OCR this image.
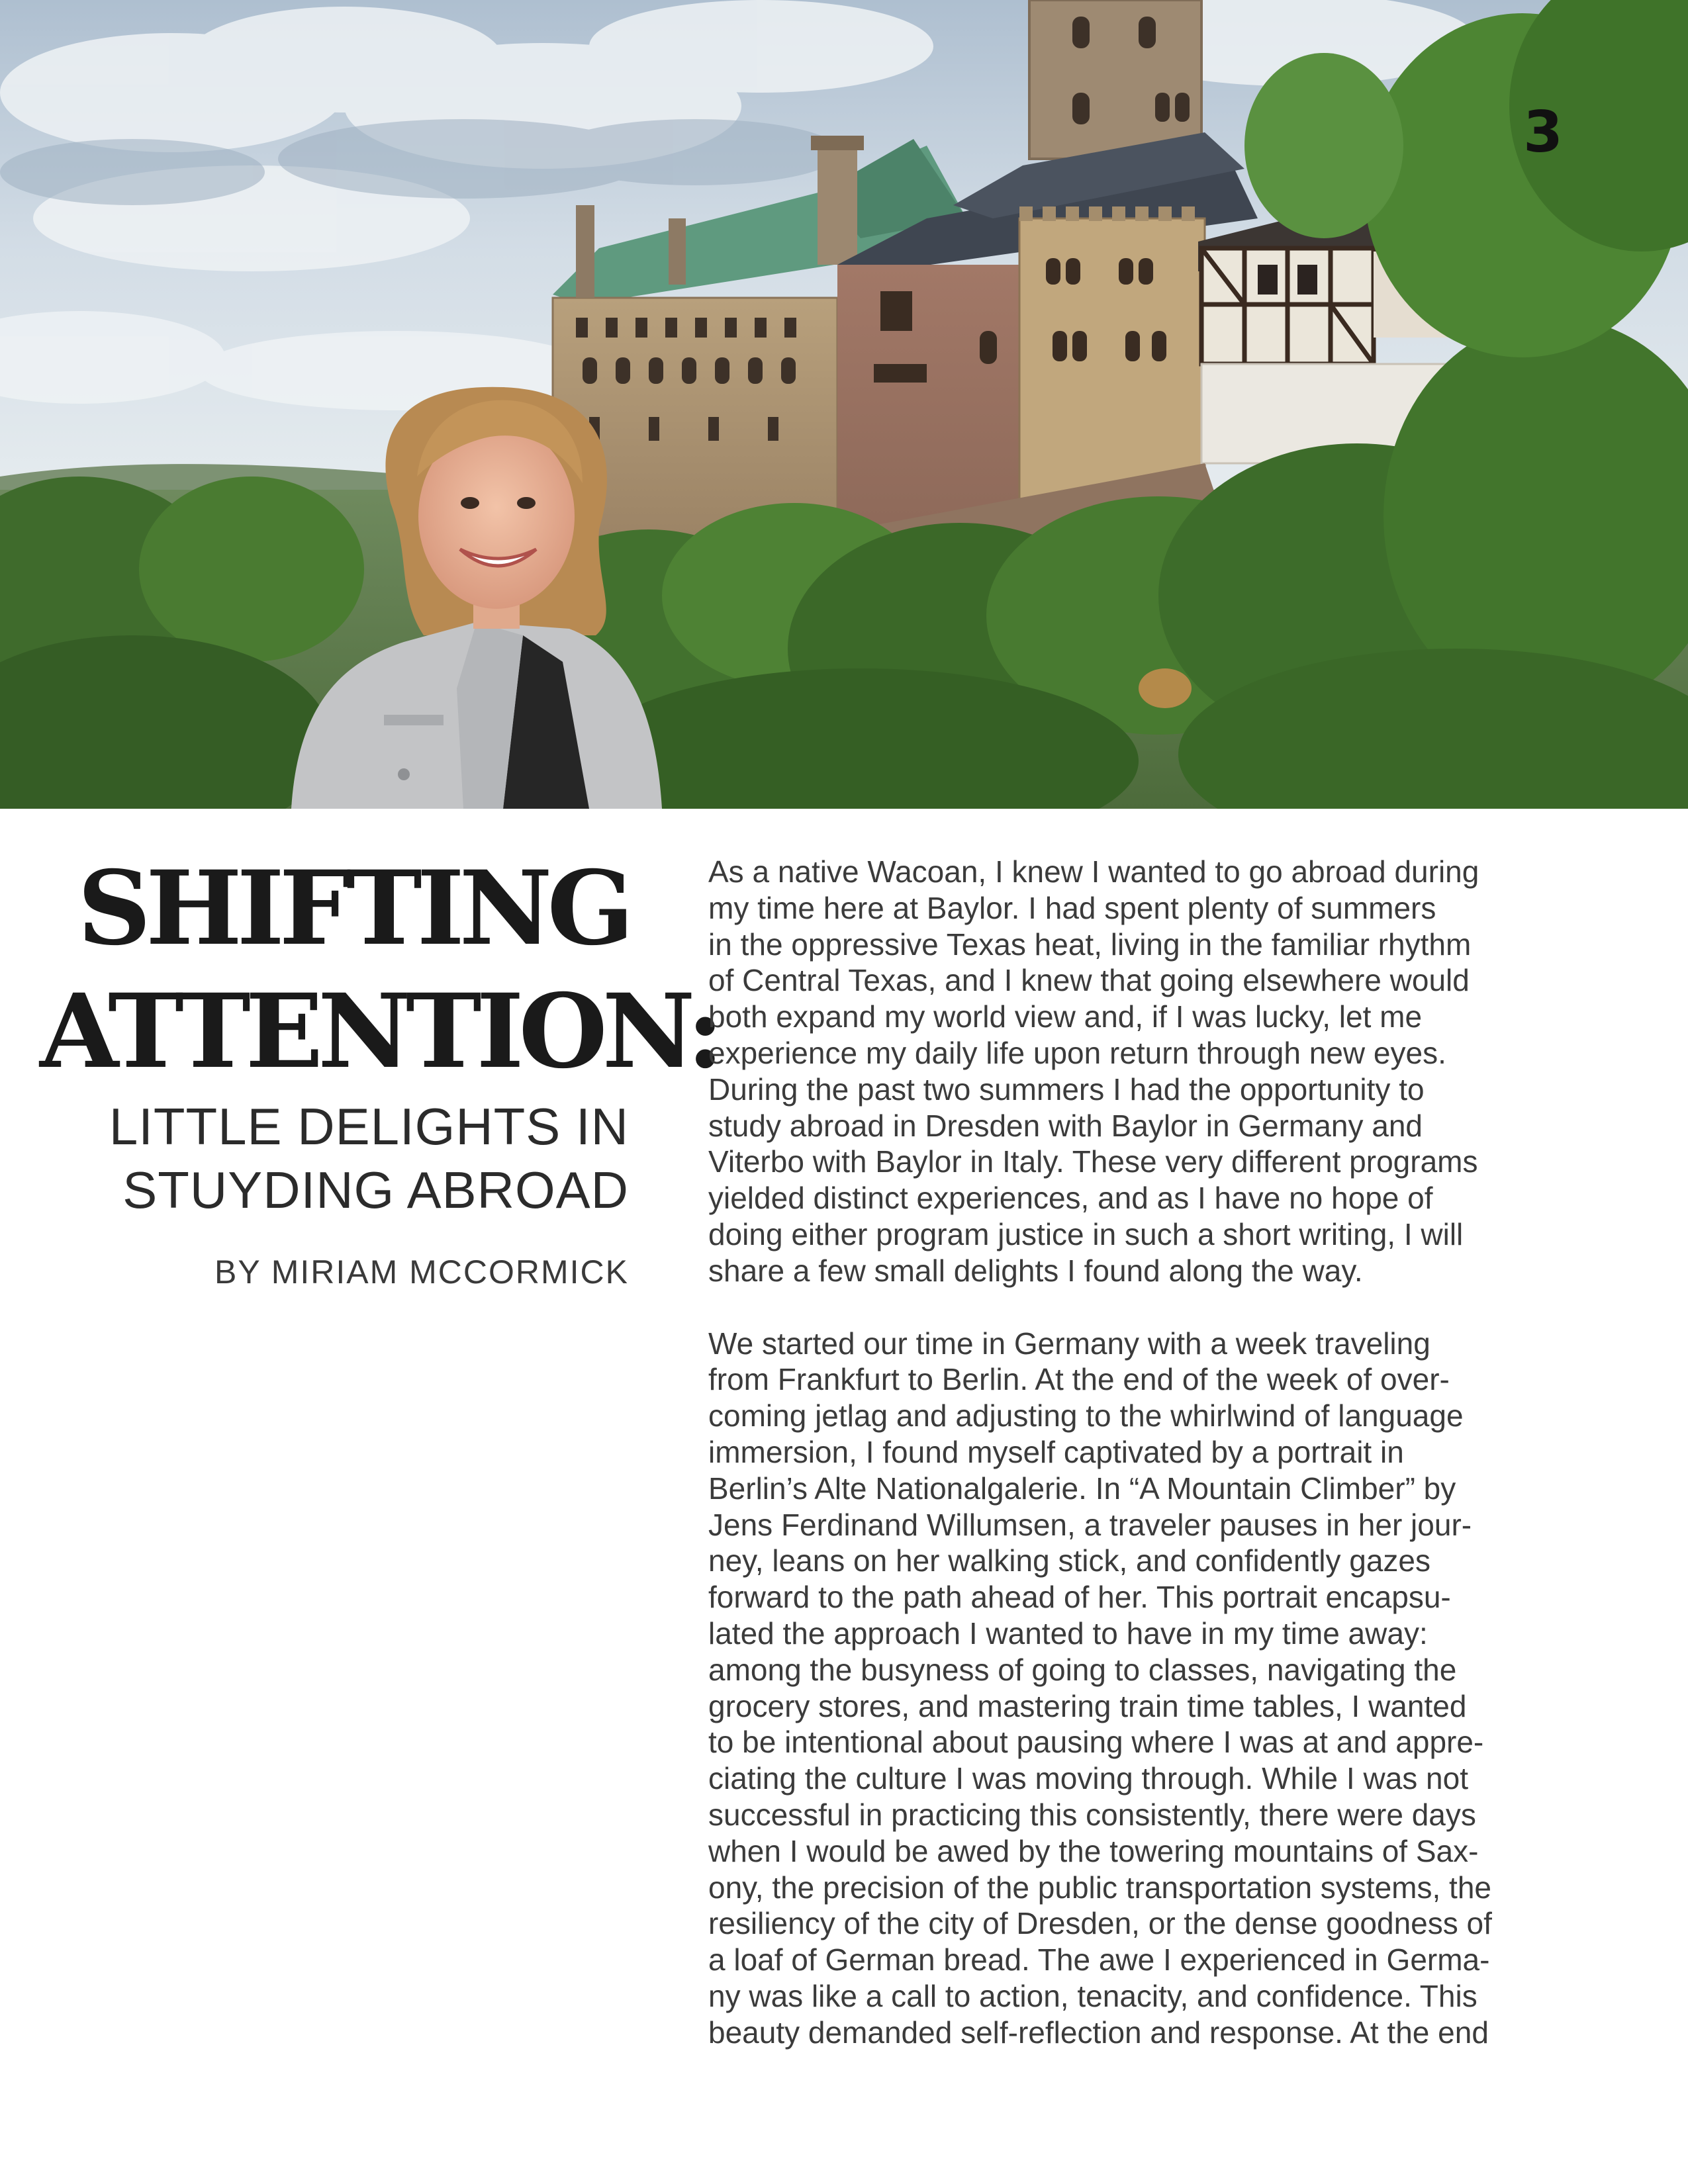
3
SHIFTING
ATTENTION:
LITTLE DELIGHTS IN
STUYDING ABROAD
BY MIRIAM MCCORMICK

As a native Wacoan, I knew I wanted to go abroad during
my time here at Baylor. I had spent plenty of summers
in the oppressive Texas heat, living in the familiar rhythm
of Central Texas, and I knew that going elsewhere would
both expand my world view and, if I was lucky, let me
experience my daily life upon return through new eyes.
During the past two summers I had the opportunity to
study abroad in Dresden with Baylor in Germany and
Viterbo with Baylor in Italy. These very different programs
yielded distinct experiences, and as I have no hope of
doing either program justice in such a short writing, I will
share a few small delights I found along the way.

We started our time in Germany with a week traveling
from Frankfurt to Berlin. At the end of the week of over-
coming jetlag and adjusting to the whirlwind of language
immersion, I found myself captivated by a portrait in
Berlin’s Alte Nationalgalerie. In “A Mountain Climber” by
Jens Ferdinand Willumsen, a traveler pauses in her jour-
ney, leans on her walking stick, and confidently gazes
forward to the path ahead of her. This portrait encapsu-
lated the approach I wanted to have in my time away:
among the busyness of going to classes, navigating the
grocery stores, and mastering train time tables, I wanted
to be intentional about pausing where I was at and appre-
ciating the culture I was moving through. While I was not
successful in practicing this consistently, there were days
when I would be awed by the towering mountains of Sax-
ony, the precision of the public transportation systems, the
resiliency of the city of Dresden, or the dense goodness of
a loaf of German bread. The awe I experienced in Germa-
ny was like a call to action, tenacity, and confidence. This
beauty demanded self-reflection and response. At the end
